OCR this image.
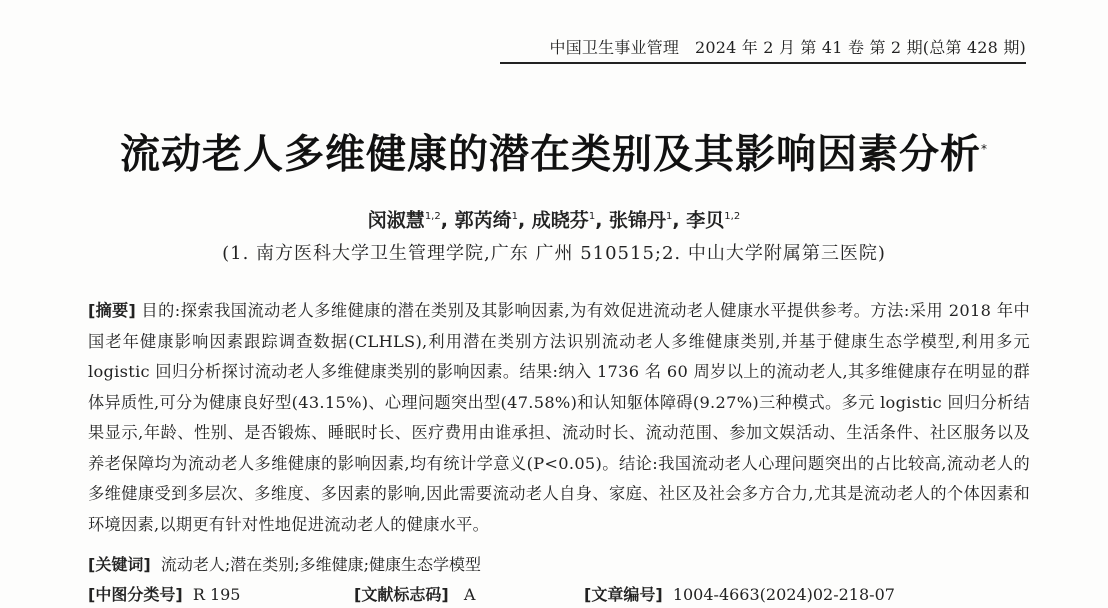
中国卫生事业管理 2024 年 2 月 第 41 卷 第 2 期(总第 428 期)
流动老人多维健康的潜在类别及其影响因素分析*
闵淑慧$^{1,2}$, 郭芮绮$^1$, 成晓芬$^1$, 张锦丹$^1$, 李贝$^{1,2}$
(1. 南方医科大学卫生管理学院,广东 广州 510515;2. 中山大学附属第三医院)
[摘要] 目的:探索我国流动老人多维健康的潜在类别及其影响因素,为有效促进流动老人健康水平提供参考。方法:采用 2018 年中国老年健康影响因素跟踪调查数据(CLHLS),利用潜在类别方法识别流动老人多维健康类别,并基于健康生态学模型,利用多元 logistic 回归分析探讨流动老人多维健康类别的影响因素。结果:纳入 1736 名 60 周岁以上的流动老人,其多维健康存在明显的群体异质性,可分为健康良好型(43.15%)、心理问题突出型(47.58%)和认知躯体障碍(9.27%)三种模式。多元 logistic 回归分析结果显示,年龄、性别、是否锻炼、睡眠时长、医疗费用由谁承担、流动时长、流动范围、参加文娱活动、生活条件、社区服务以及养老保障均为流动老人多维健康的影响因素,均有统计学意义(P<0.05)。结论:我国流动老人心理问题突出的占比较高,流动老人的多维健康受到多层次、多维度、多因素的影响,因此需要流动老人自身、家庭、社区及社会多方合力,尤其是流动老人的个体因素和环境因素,以期更有针对性地促进流动老人的健康水平。
[关键词] 流动老人;潜在类别;多维健康;健康生态学模型
[中图分类号] R 195	[文献标志码] A	[文章编号] 1004-4663(2024)02-218-07
